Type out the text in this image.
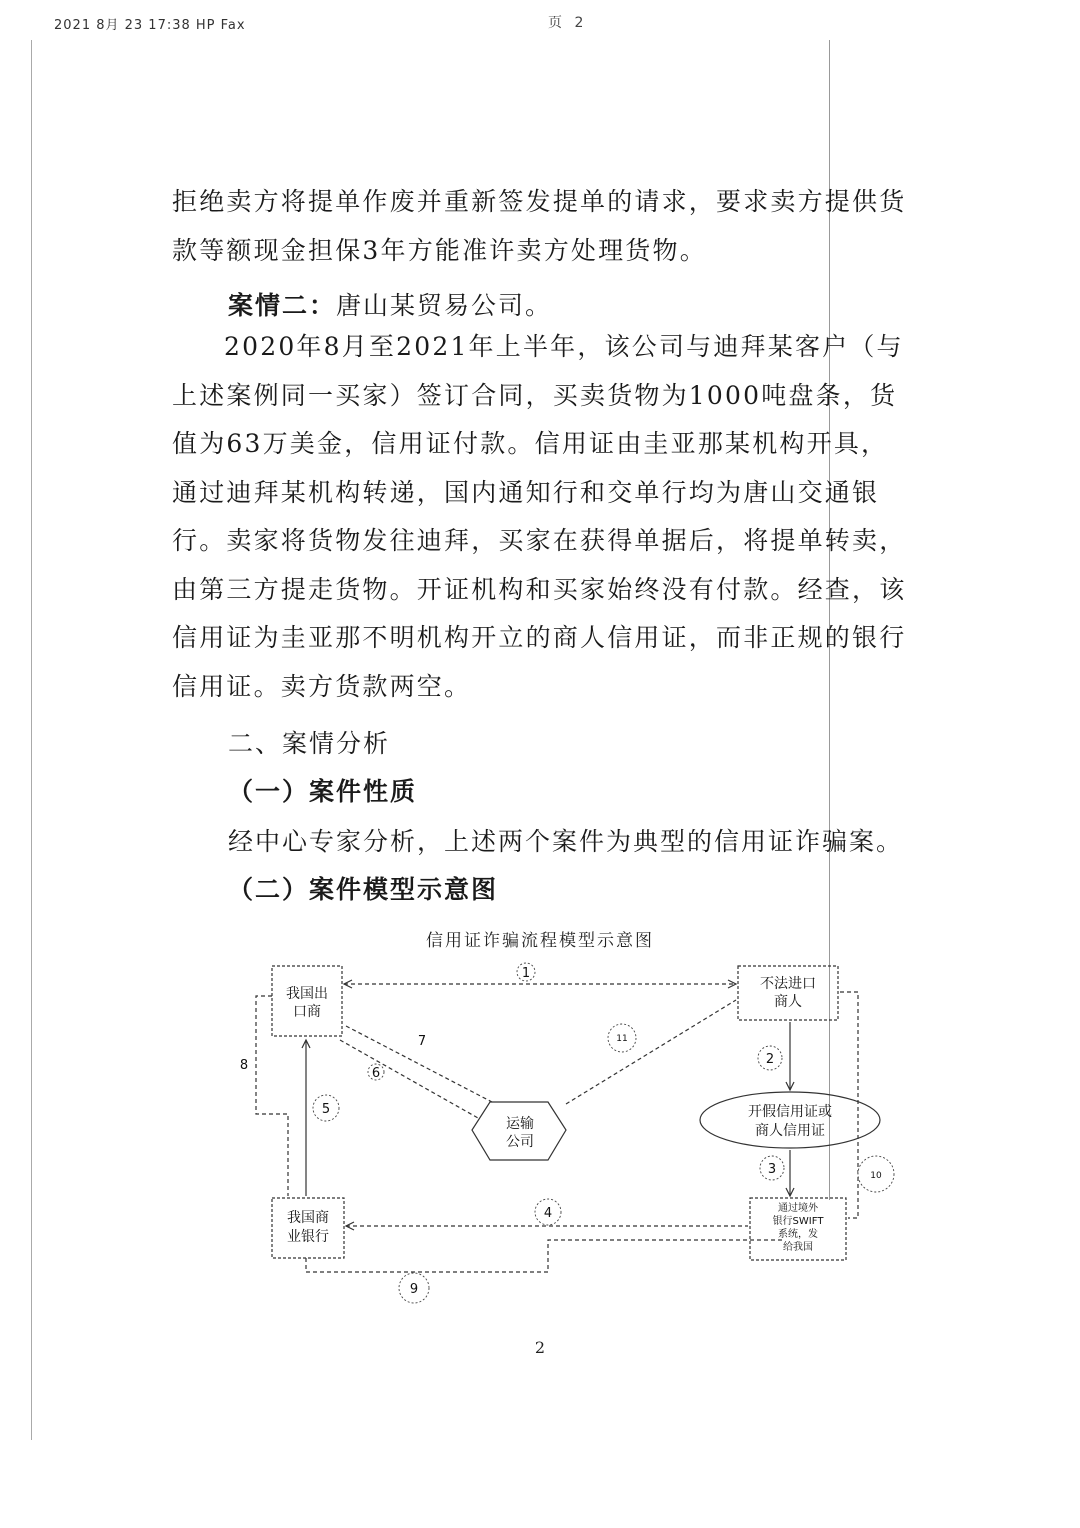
2021 8月 23 17:38 HP Fax	页 2

拒绝卖方将提单作废并重新签发提单的请求，要求卖方提供货款等额现金担保3年方能准许卖方处理货物。

案情二：唐山某贸易公司。

2020年8月至2021年上半年，该公司与迪拜某客户（与上述案例同一买家）签订合同，买卖货物为1000吨盘条，货值为63万美金，信用证付款。信用证由圭亚那某机构开具，通过迪拜某机构转递，国内通知行和交单行均为唐山交通银行。卖家将货物发往迪拜，买家在获得单据后，将提单转卖，由第三方提走货物。开证机构和买家始终没有付款。经查，该信用证为圭亚那不明机构开立的商人信用证，而非正规的银行信用证。卖方货款两空。

二、案情分析

（一）案件性质

经中心专家分析，上述两个案件为典型的信用证诈骗案。

（二）案件模型示意图

信用证诈骗流程模型示意图
我国出
口商
不法进口
商人
开假信用证或
商人信用证
运输
公司
我国商
业银行
通过境外
银行SWIFT
系统，发
给我国
1
2
3
4
5
6
7
8
9
10
11
2
